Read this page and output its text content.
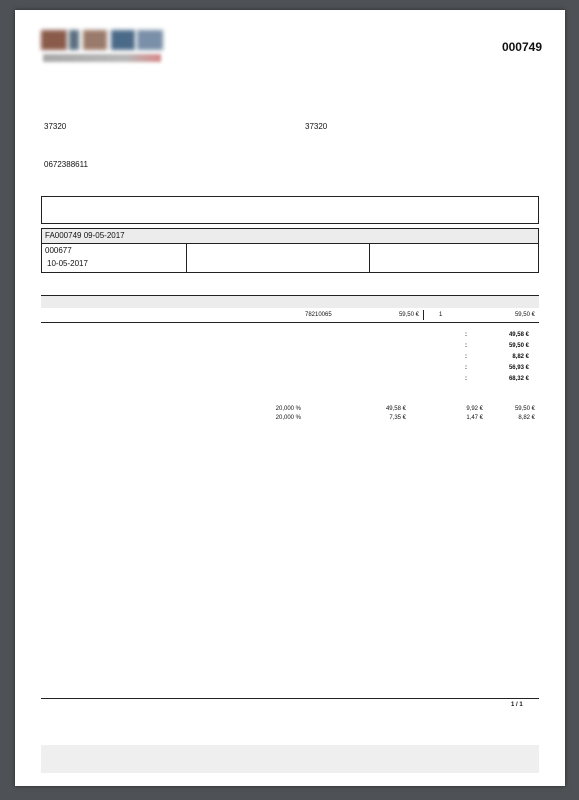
000749
37320	37320
0672388611
FA000749 09-05-2017
000677
10-05-2017
78210065	59,50 €	1	59,50 €
:	49,58 €
:	59,50 €
:	8,82 €
:	56,93 €
:	68,32 €
20,000 %	49,58 €	9,92 €	59,50 €
20,000 %	7,35 €	1,47 €	8,82 €
1 / 1
